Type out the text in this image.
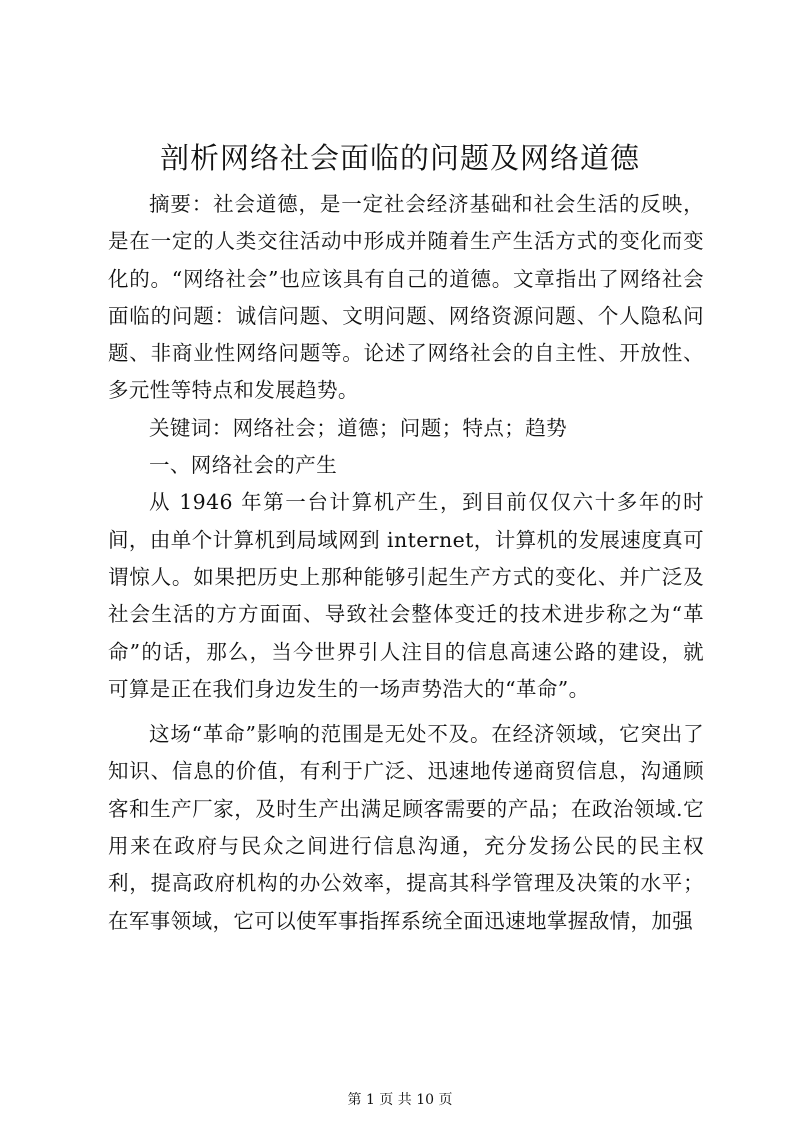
剖析网络社会面临的问题及网络道德

摘要：社会道德，是一定社会经济基础和社会生活的反映，是在一定的人类交往活动中形成并随着生产生活方式的变化而变化的。“网络社会”也应该具有自己的道德。文章指出了网络社会面临的问题：诚信问题、文明问题、网络资源问题、个人隐私问题、非商业性网络问题等。论述了网络社会的自主性、开放性、多元性等特点和发展趋势。

关键词：网络社会；道德；问题；特点；趋势

一、网络社会的产生

从 1946 年第一台计算机产生，到目前仅仅六十多年的时间，由单个计算机到局域网到 internet，计算机的发展速度真可谓惊人。如果把历史上那种能够引起生产方式的变化、并广泛及社会生活的方方面面、导致社会整体变迁的技术进步称之为“革命”的话，那么，当今世界引人注目的信息高速公路的建设，就可算是正在我们身边发生的一场声势浩大的“革命”。

这场“革命”影响的范围是无处不及。在经济领域，它突出了知识、信息的价值，有利于广泛、迅速地传递商贸信息，沟通顾客和生产厂家，及时生产出满足顾客需要的产品；在政治领域.它用来在政府与民众之间进行信息沟通，充分发扬公民的民主权利，提高政府机构的办公效率，提高其科学管理及决策的水平；在军事领域，它可以使军事指挥系统全面迅速地掌握敌情，加强

第 1 页 共 10 页
